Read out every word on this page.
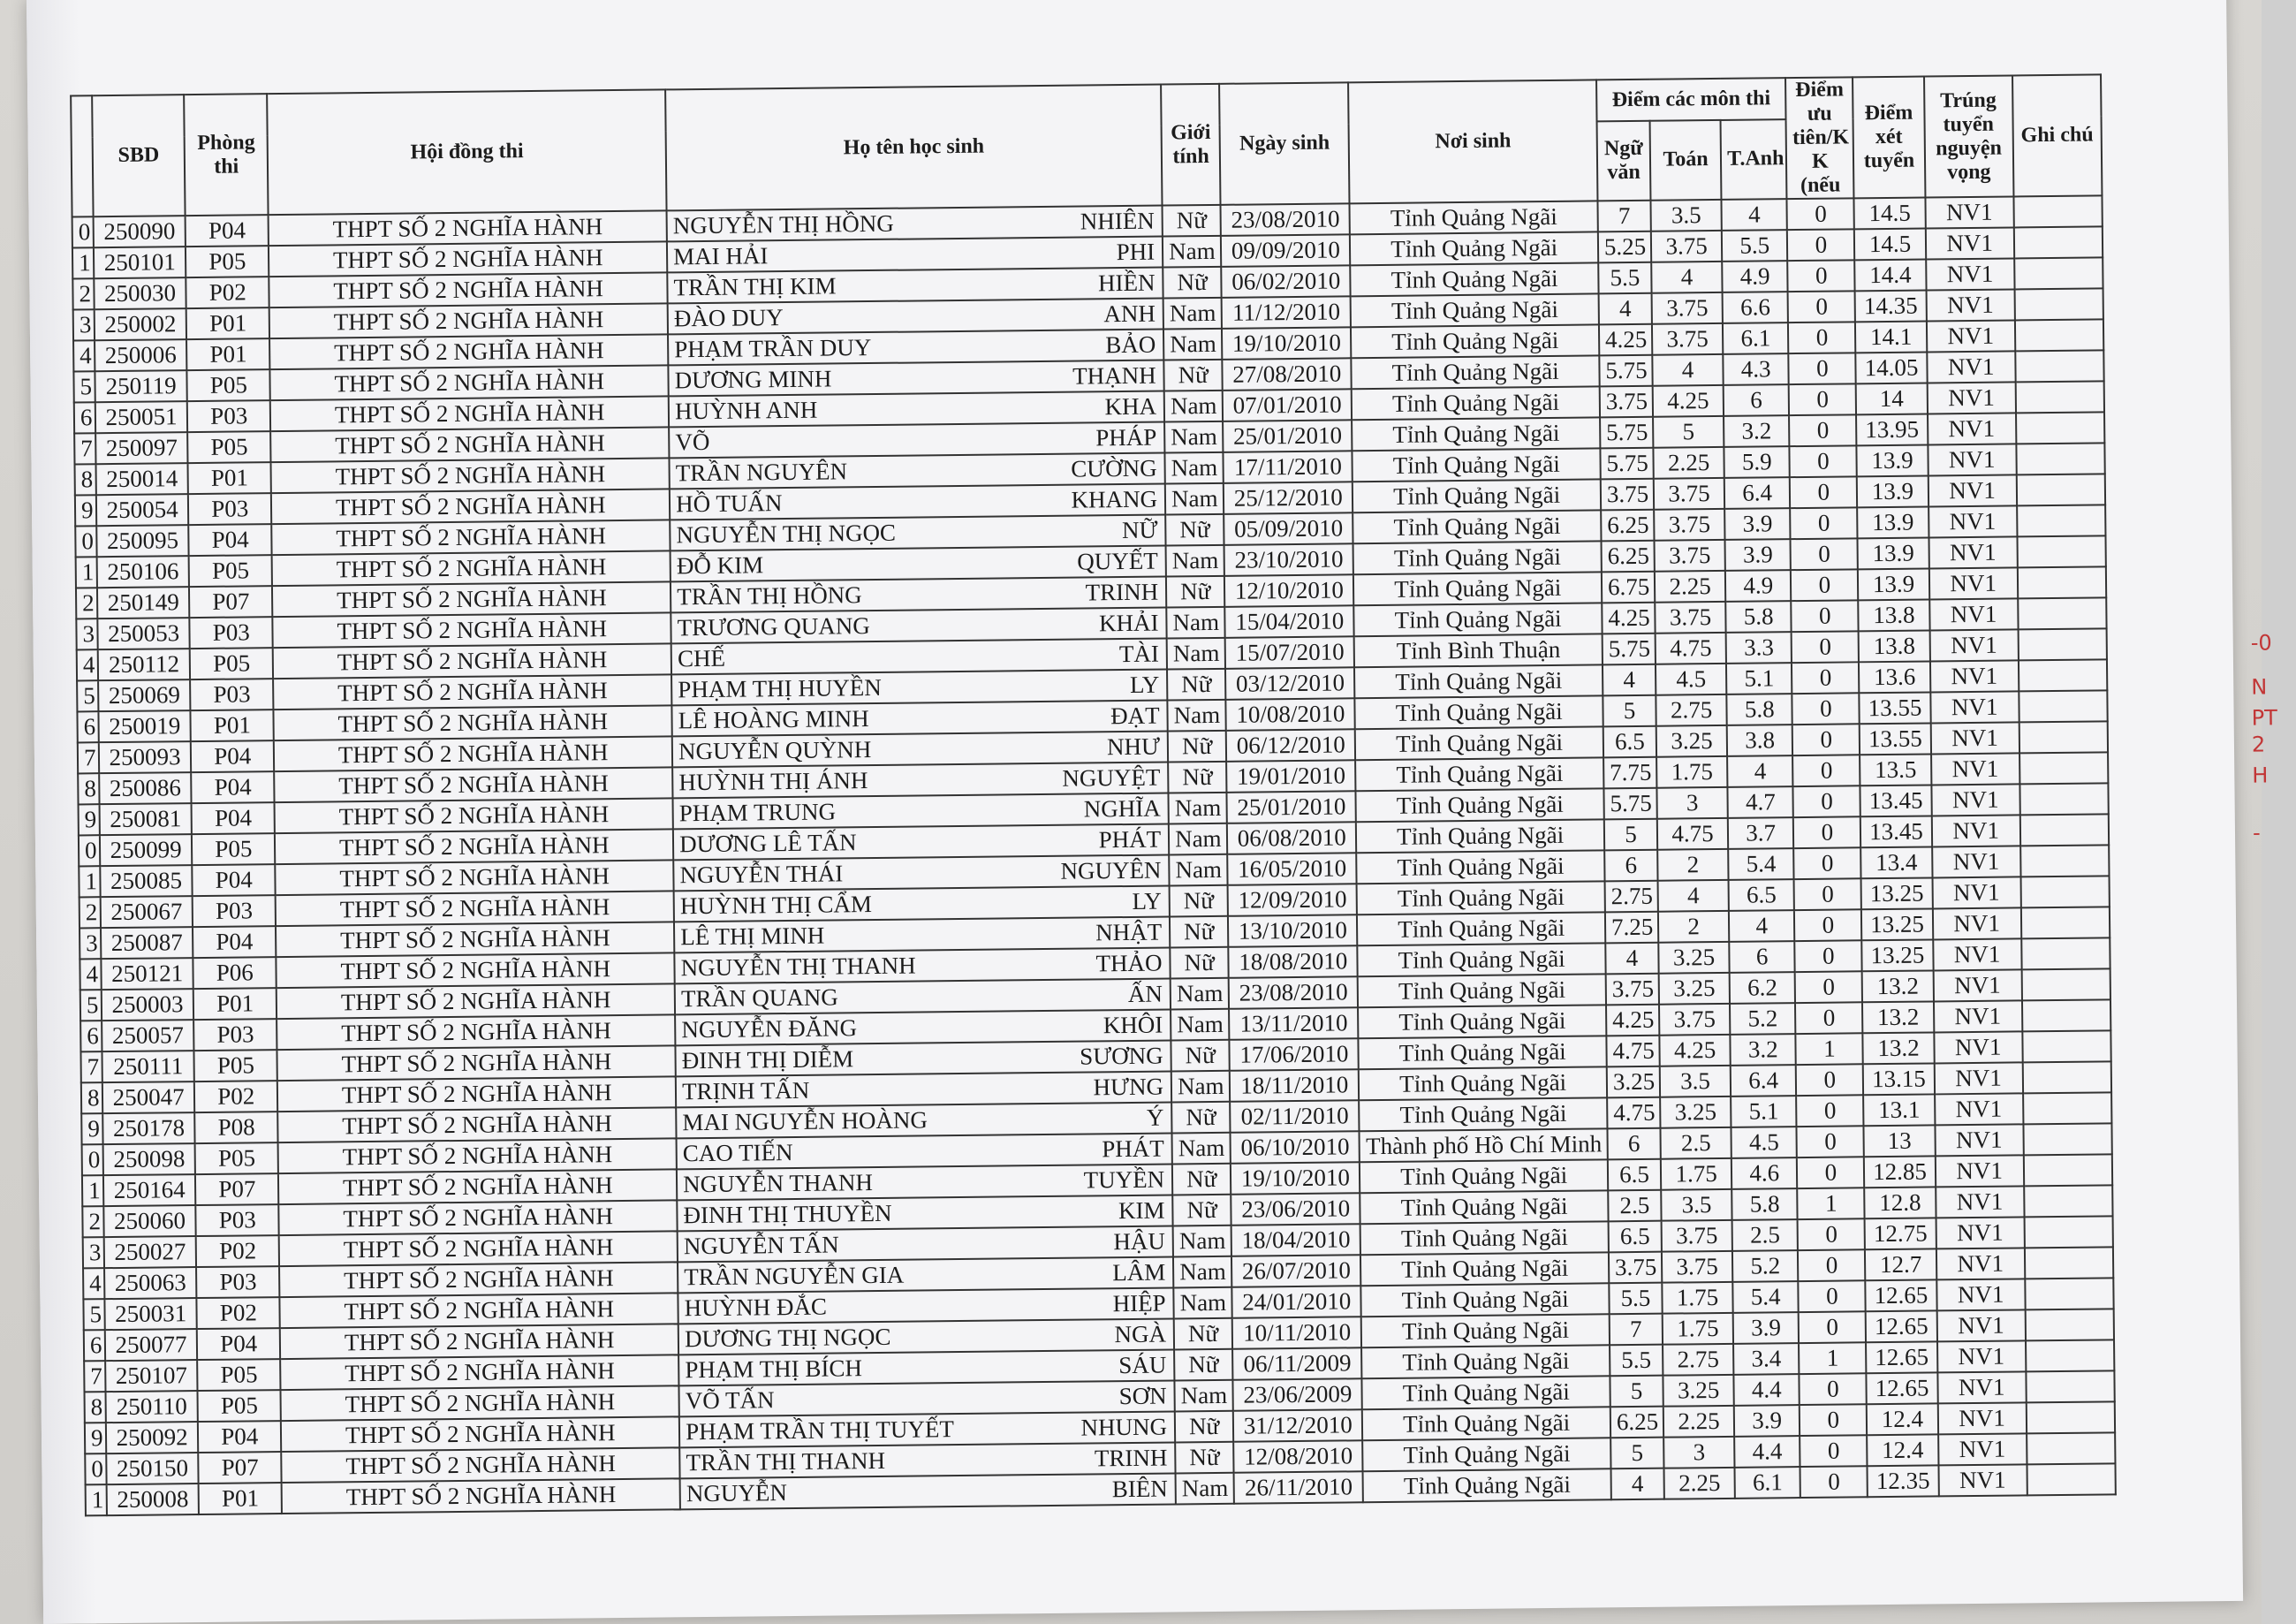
	SBD	Phòng thi	Hội đồng thi	Họ tên học sinh	Giới tính	Ngày sinh	Nơi sinh	Điểm các môn thi			Điểm ưu tiên/K K (nếu	Điểm xét tuyển	Trúng tuyển nguyện vọng	Ghi chú
								Ngữ văn	Toán	T.Anh				
0	250090	P04	THPT SỐ 2 NGHĨA HÀNH	NGUYỄN THỊ HỒNG NHIÊN	Nữ	23/08/2010	Tỉnh Quảng Ngãi	7	3.5	4	0	14.5	NV1	
1	250101	P05	THPT SỐ 2 NGHĨA HÀNH	MAI HẢI PHI	Nam	09/09/2010	Tỉnh Quảng Ngãi	5.25	3.75	5.5	0	14.5	NV1	
2	250030	P02	THPT SỐ 2 NGHĨA HÀNH	TRẦN THỊ KIM HIỀN	Nữ	06/02/2010	Tỉnh Quảng Ngãi	5.5	4	4.9	0	14.4	NV1	
3	250002	P01	THPT SỐ 2 NGHĨA HÀNH	ĐÀO DUY ANH	Nam	11/12/2010	Tỉnh Quảng Ngãi	4	3.75	6.6	0	14.35	NV1	
4	250006	P01	THPT SỐ 2 NGHĨA HÀNH	PHẠM TRẦN DUY BẢO	Nam	19/10/2010	Tỉnh Quảng Ngãi	4.25	3.75	6.1	0	14.1	NV1	
5	250119	P05	THPT SỐ 2 NGHĨA HÀNH	DƯƠNG MINH THẠNH	Nữ	27/08/2010	Tỉnh Quảng Ngãi	5.75	4	4.3	0	14.05	NV1	
6	250051	P03	THPT SỐ 2 NGHĨA HÀNH	HUỲNH ANH KHA	Nam	07/01/2010	Tỉnh Quảng Ngãi	3.75	4.25	6	0	14	NV1	
7	250097	P05	THPT SỐ 2 NGHĨA HÀNH	VÕ PHÁP	Nam	25/01/2010	Tỉnh Quảng Ngãi	5.75	5	3.2	0	13.95	NV1	
8	250014	P01	THPT SỐ 2 NGHĨA HÀNH	TRẦN NGUYÊN CƯỜNG	Nam	17/11/2010	Tỉnh Quảng Ngãi	5.75	2.25	5.9	0	13.9	NV1	
9	250054	P03	THPT SỐ 2 NGHĨA HÀNH	HỒ TUẤN KHANG	Nam	25/12/2010	Tỉnh Quảng Ngãi	3.75	3.75	6.4	0	13.9	NV1	
0	250095	P04	THPT SỐ 2 NGHĨA HÀNH	NGUYỄN THỊ NGỌC NỮ	Nữ	05/09/2010	Tỉnh Quảng Ngãi	6.25	3.75	3.9	0	13.9	NV1	
1	250106	P05	THPT SỐ 2 NGHĨA HÀNH	ĐỖ KIM QUYẾT	Nam	23/10/2010	Tỉnh Quảng Ngãi	6.25	3.75	3.9	0	13.9	NV1	
2	250149	P07	THPT SỐ 2 NGHĨA HÀNH	TRẦN THỊ HỒNG TRINH	Nữ	12/10/2010	Tỉnh Quảng Ngãi	6.75	2.25	4.9	0	13.9	NV1	
3	250053	P03	THPT SỐ 2 NGHĨA HÀNH	TRƯƠNG QUANG KHẢI	Nam	15/04/2010	Tỉnh Quảng Ngãi	4.25	3.75	5.8	0	13.8	NV1	
4	250112	P05	THPT SỐ 2 NGHĨA HÀNH	CHẾ TÀI	Nam	15/07/2010	Tỉnh Bình Thuận	5.75	4.75	3.3	0	13.8	NV1	
5	250069	P03	THPT SỐ 2 NGHĨA HÀNH	PHẠM THỊ HUYỀN LY	Nữ	03/12/2010	Tỉnh Quảng Ngãi	4	4.5	5.1	0	13.6	NV1	
6	250019	P01	THPT SỐ 2 NGHĨA HÀNH	LÊ HOÀNG MINH ĐẠT	Nam	10/08/2010	Tỉnh Quảng Ngãi	5	2.75	5.8	0	13.55	NV1	
7	250093	P04	THPT SỐ 2 NGHĨA HÀNH	NGUYỄN QUỲNH NHƯ	Nữ	06/12/2010	Tỉnh Quảng Ngãi	6.5	3.25	3.8	0	13.55	NV1	
8	250086	P04	THPT SỐ 2 NGHĨA HÀNH	HUỲNH THỊ ÁNH NGUYỆT	Nữ	19/01/2010	Tỉnh Quảng Ngãi	7.75	1.75	4	0	13.5	NV1	
9	250081	P04	THPT SỐ 2 NGHĨA HÀNH	PHẠM TRUNG NGHĨA	Nam	25/01/2010	Tỉnh Quảng Ngãi	5.75	3	4.7	0	13.45	NV1	
0	250099	P05	THPT SỐ 2 NGHĨA HÀNH	DƯƠNG LÊ TẤN PHÁT	Nam	06/08/2010	Tỉnh Quảng Ngãi	5	4.75	3.7	0	13.45	NV1	
1	250085	P04	THPT SỐ 2 NGHĨA HÀNH	NGUYỄN THÁI NGUYÊN	Nam	16/05/2010	Tỉnh Quảng Ngãi	6	2	5.4	0	13.4	NV1	
2	250067	P03	THPT SỐ 2 NGHĨA HÀNH	HUỲNH THỊ CẨM LY	Nữ	12/09/2010	Tỉnh Quảng Ngãi	2.75	4	6.5	0	13.25	NV1	
3	250087	P04	THPT SỐ 2 NGHĨA HÀNH	LÊ THỊ MINH NHẬT	Nữ	13/10/2010	Tỉnh Quảng Ngãi	7.25	2	4	0	13.25	NV1	
4	250121	P06	THPT SỐ 2 NGHĨA HÀNH	NGUYỄN THỊ THANH THẢO	Nữ	18/08/2010	Tỉnh Quảng Ngãi	4	3.25	6	0	13.25	NV1	
5	250003	P01	THPT SỐ 2 NGHĨA HÀNH	TRẦN QUANG ẤN	Nam	23/08/2010	Tỉnh Quảng Ngãi	3.75	3.25	6.2	0	13.2	NV1	
6	250057	P03	THPT SỐ 2 NGHĨA HÀNH	NGUYỄN ĐĂNG KHÔI	Nam	13/11/2010	Tỉnh Quảng Ngãi	4.25	3.75	5.2	0	13.2	NV1	
7	250111	P05	THPT SỐ 2 NGHĨA HÀNH	ĐINH THỊ DIỄM SƯƠNG	Nữ	17/06/2010	Tỉnh Quảng Ngãi	4.75	4.25	3.2	1	13.2	NV1	
8	250047	P02	THPT SỐ 2 NGHĨA HÀNH	TRỊNH TẤN HƯNG	Nam	18/11/2010	Tỉnh Quảng Ngãi	3.25	3.5	6.4	0	13.15	NV1	
9	250178	P08	THPT SỐ 2 NGHĨA HÀNH	MAI NGUYỄN HOÀNG Ý	Nữ	02/11/2010	Tỉnh Quảng Ngãi	4.75	3.25	5.1	0	13.1	NV1	
0	250098	P05	THPT SỐ 2 NGHĨA HÀNH	CAO TIẾN PHÁT	Nam	06/10/2010	Thành phố Hồ Chí Minh	6	2.5	4.5	0	13	NV1	
1	250164	P07	THPT SỐ 2 NGHĨA HÀNH	NGUYỄN THANH TUYỀN	Nữ	19/10/2010	Tỉnh Quảng Ngãi	6.5	1.75	4.6	0	12.85	NV1	
2	250060	P03	THPT SỐ 2 NGHĨA HÀNH	ĐINH THỊ THUYỀN KIM	Nữ	23/06/2010	Tỉnh Quảng Ngãi	2.5	3.5	5.8	1	12.8	NV1	
3	250027	P02	THPT SỐ 2 NGHĨA HÀNH	NGUYỄN TẤN HẬU	Nam	18/04/2010	Tỉnh Quảng Ngãi	6.5	3.75	2.5	0	12.75	NV1	
4	250063	P03	THPT SỐ 2 NGHĨA HÀNH	TRẦN NGUYỄN GIA LÂM	Nam	26/07/2010	Tỉnh Quảng Ngãi	3.75	3.75	5.2	0	12.7	NV1	
5	250031	P02	THPT SỐ 2 NGHĨA HÀNH	HUỲNH ĐẮC HIỆP	Nam	24/01/2010	Tỉnh Quảng Ngãi	5.5	1.75	5.4	0	12.65	NV1	
6	250077	P04	THPT SỐ 2 NGHĨA HÀNH	DƯƠNG THỊ NGỌC NGÀ	Nữ	10/11/2010	Tỉnh Quảng Ngãi	7	1.75	3.9	0	12.65	NV1	
7	250107	P05	THPT SỐ 2 NGHĨA HÀNH	PHẠM THỊ BÍCH SÁU	Nữ	06/11/2009	Tỉnh Quảng Ngãi	5.5	2.75	3.4	1	12.65	NV1	
8	250110	P05	THPT SỐ 2 NGHĨA HÀNH	VÕ TẤN SƠN	Nam	23/06/2009	Tỉnh Quảng Ngãi	5	3.25	4.4	0	12.65	NV1	
9	250092	P04	THPT SỐ 2 NGHĨA HÀNH	PHẠM TRẦN THỊ TUYẾT NHUNG	Nữ	31/12/2010	Tỉnh Quảng Ngãi	6.25	2.25	3.9	0	12.4	NV1	
0	250150	P07	THPT SỐ 2 NGHĨA HÀNH	TRẦN THỊ THANH TRINH	Nữ	12/08/2010	Tỉnh Quảng Ngãi	5	3	4.4	0	12.4	NV1	
1	250008	P01	THPT SỐ 2 NGHĨA HÀNH	NGUYỄN BIÊN	Nam	26/11/2010	Tỉnh Quảng Ngãi	4	2.25	6.1	0	12.35	NV1	
-0
N
PT
2
H
-
